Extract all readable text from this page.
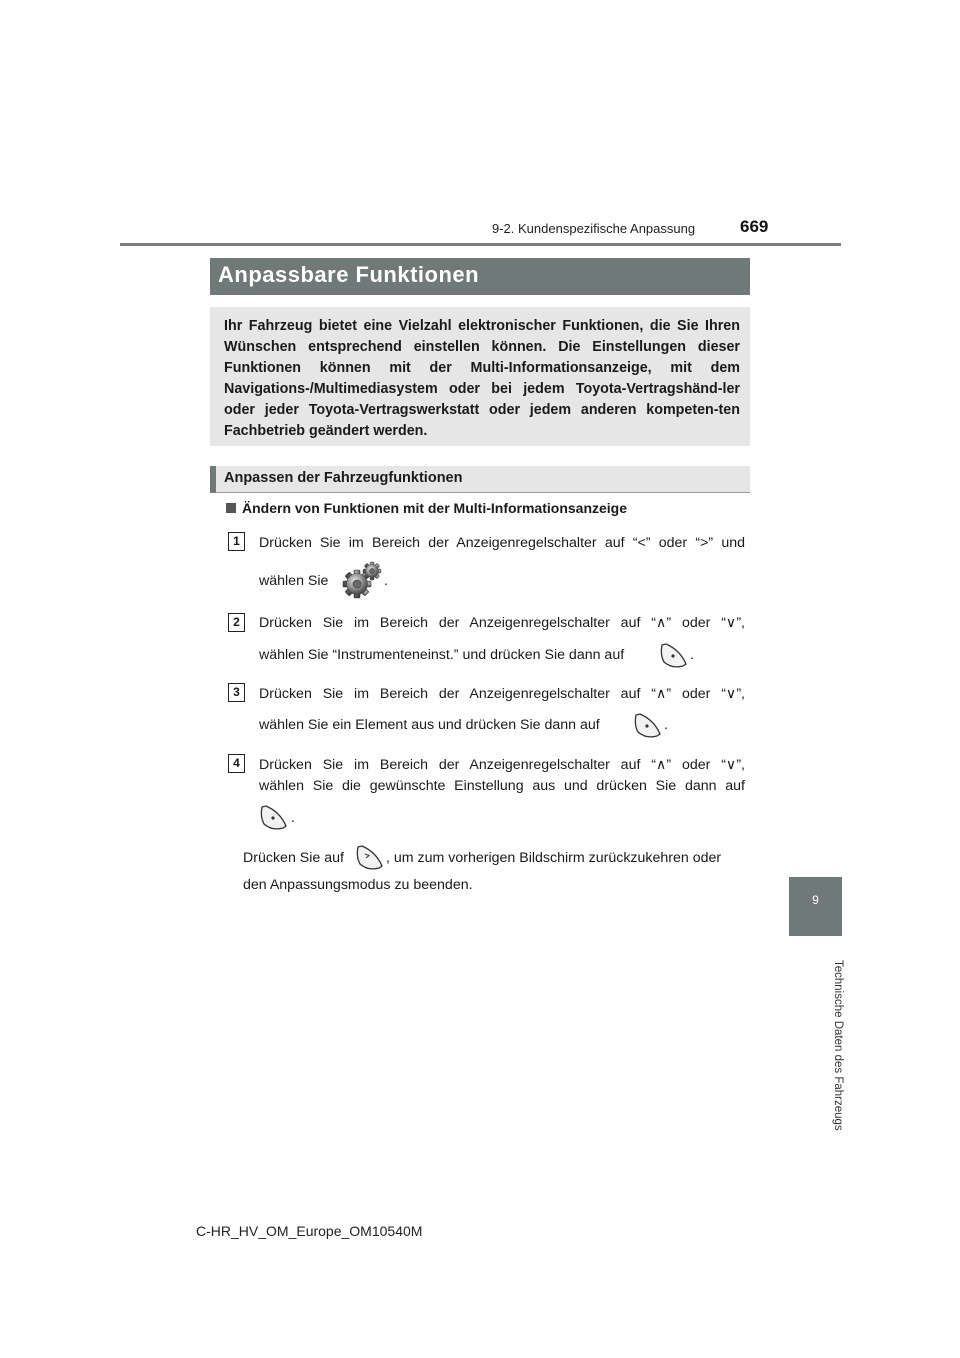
9-2. Kundenspezifische Anpassung	669
Anpassbare Funktionen
Ihr Fahrzeug bietet eine Vielzahl elektronischer Funktionen, die Sie Ihren Wünschen entsprechend einstellen können. Die Einstellungen dieser Funktionen können mit der Multi-Informationsanzeige, mit dem Navigations-/Multimediasystem oder bei jedem Toyota-Vertragshänd-ler oder jeder Toyota-Vertragswerkstatt oder jedem anderen kompeten-ten Fachbetrieb geändert werden.
Anpassen der Fahrzeugfunktionen
Ändern von Funktionen mit der Multi-Informationsanzeige
1	Drücken Sie im Bereich der Anzeigenregelschalter auf “<” oder “>” und
wählen Sie	.
2	Drücken Sie im Bereich der Anzeigenregelschalter auf “∧” oder “∨”,
wählen Sie “Instrumenteneinst.” und drücken Sie dann auf	.
3	Drücken Sie im Bereich der Anzeigenregelschalter auf “∧” oder “∨”,
wählen Sie ein Element aus und drücken Sie dann auf	.
4	Drücken Sie im Bereich der Anzeigenregelschalter auf “∧” oder “∨”,
wählen Sie die gewünschte Einstellung aus und drücken Sie dann auf
.
Drücken Sie auf	, um zum vorherigen Bildschirm zurückzukehren oder
den Anpassungsmodus zu beenden.
9
Technische Daten des Fahrzeugs
C-HR_HV_OM_Europe_OM10540M
